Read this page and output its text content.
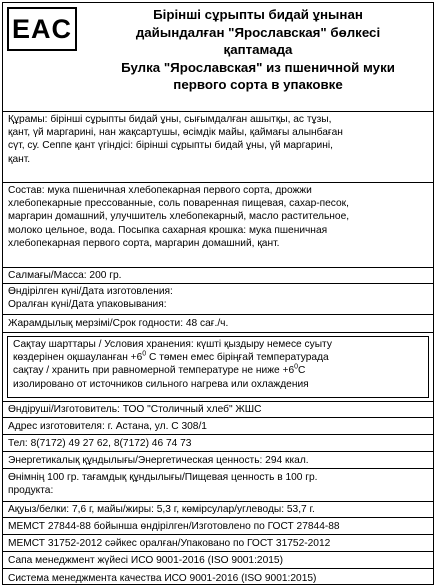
EAC	Бірінші сұрыпты бидай ұнынан
дайындалған "Ярославская" бөлкесі
қаптамада
Булка "Ярославская" из пшеничной муки
первого сорта в упаковке
Құрамы: бірінші сұрыпты бидай ұны, сығымдалған ашытқы, ас тұзы,
қант, үй маргарині, нан жақсартушы, өсімдік майы, қаймағы алынбаған
сүт, су. Сеппе қант үгіндісі: бірінші сұрыпты бидай ұны, үй маргарині,
қант.
Состав: мука пшеничная хлебопекарная первого сорта, дрожжи
хлебопекарные прессованные, соль поваренная пищевая, сахар-песок,
маргарин домашний, улучшитель хлебопекарный, масло растительное,
молоко цельное, вода. Посыпка сахарная крошка: мука пшеничная
хлебопекарная первого сорта, маргарин домашний, қант.
Салмағы/Масса: 200 гр.
Өндірілген күні/Дата изготовления:
Оралған күні/Дата упаковывания:
Жарамдылық мерзімі/Срок годности: 48 сағ./ч.
Сақтау шарттары / Условия хранения: күшті қыздыру немесе суыту
көздерінен оқшауланған $+6^0$ С төмен емес біріңғай температурада
сақтау / хранить при равномерной температуре не ниже $+6^0С$
изолировано от источников сильного нагрева или охлаждения
Өндіруші/Изготовитель: ТОО "Столичный хлеб" ЖШС
Адрес изготовителя: г. Астана, ул. С 308/1
Тел: 8(7172) 49 27 62, 8(7172) 46 74 73
Энергетикалық құндылығы/Энергетическая ценность: 294 ккал.
Өнімнің 100 гр. тағамдық құндылығы/Пищевая ценность в 100 гр.
продукта:
Ақуыз/белки: 7,6 г, майы/жиры: 5,3 г, көмірсулар/углеводы: 53,7 г.
МЕМСТ 27844-88 бойынша өндірілген/Изготовлено по ГОСТ 27844-88
МЕМСТ 31752-2012 сәйкес оралған/Упаковано по ГОСТ 31752-2012
Сапа менеджмент жүйесі ИСО 9001-2016 (ISO 9001:2015)
Система менеджмента качества ИСО 9001-2016 (ISO 9001:2015)
